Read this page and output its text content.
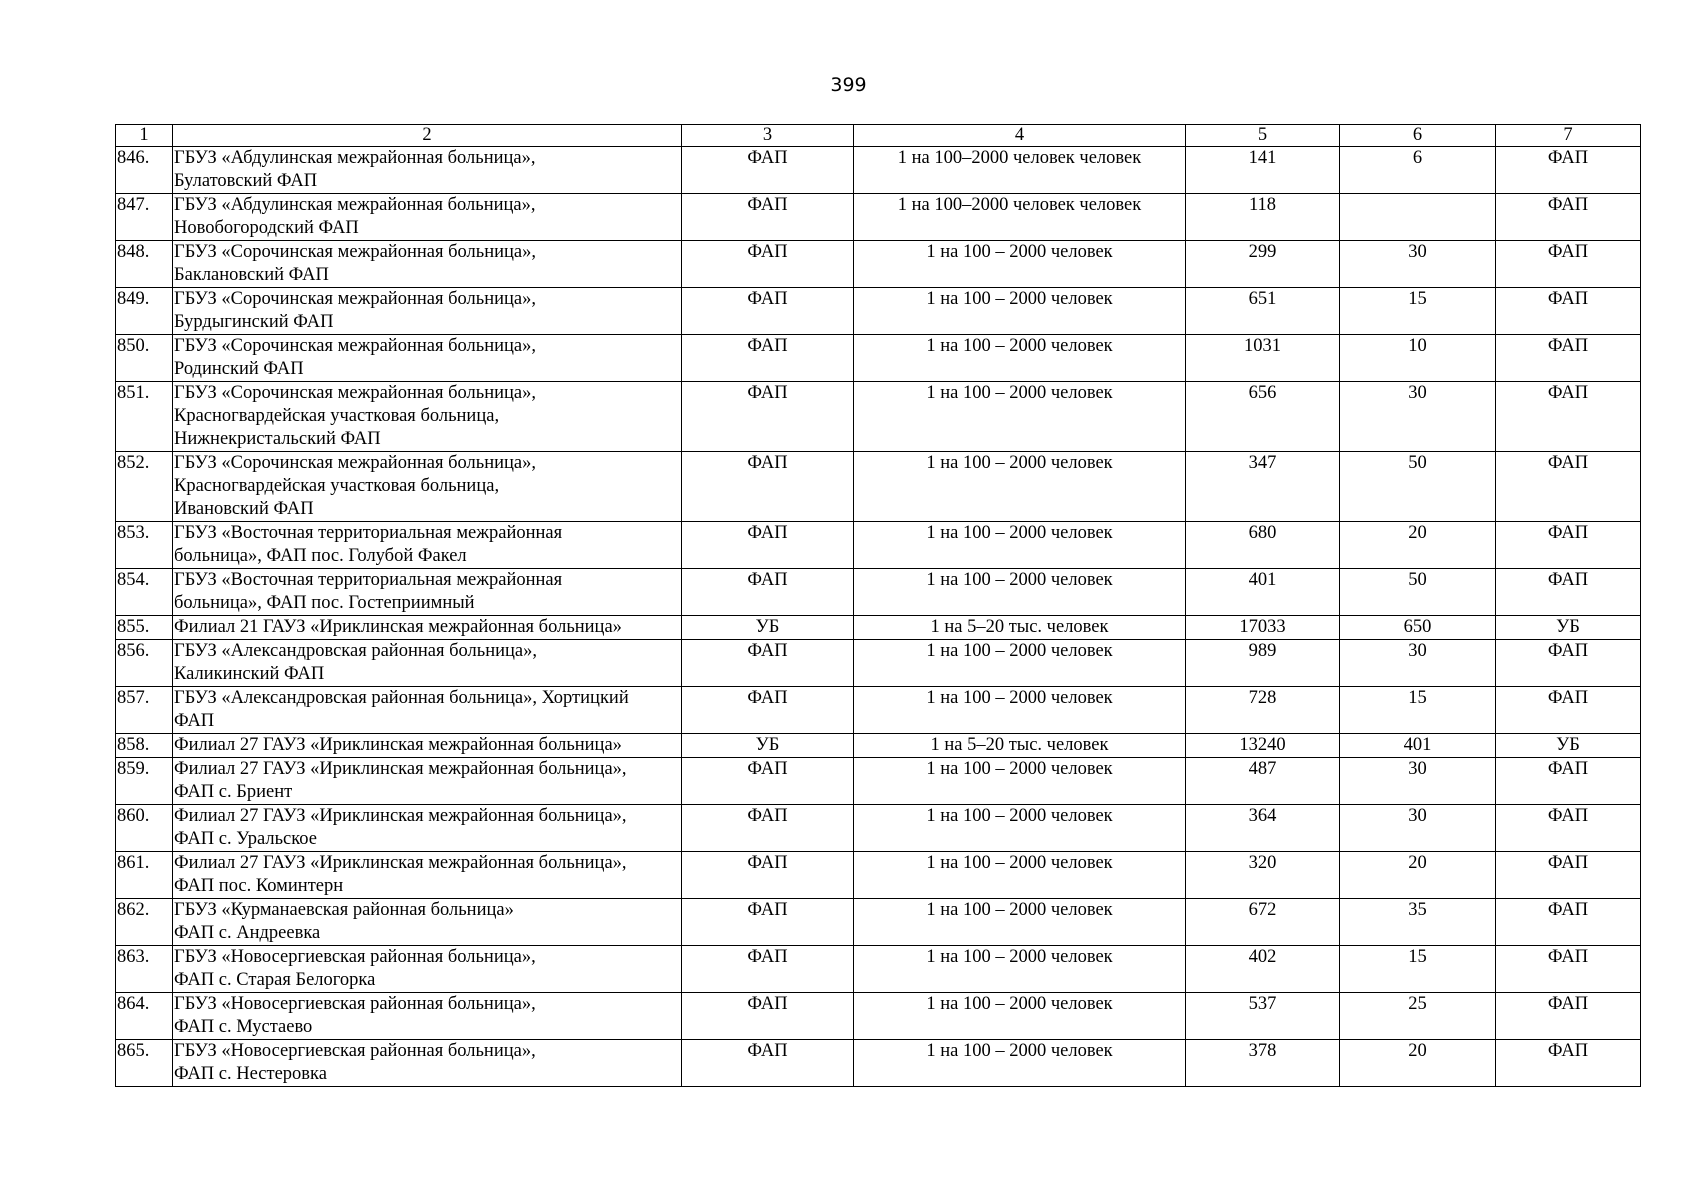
399
1	2	3	4	5	6	7
846.	ГБУЗ «Абдулинская межрайонная больница»,
Булатовский ФАП	ФАП	1 на 100–2000 человек человек	141	6	ФАП
847.	ГБУЗ «Абдулинская межрайонная больница»,
Новобогородский ФАП	ФАП	1 на 100–2000 человек человек	118		ФАП
848.	ГБУЗ «Сорочинская межрайонная больница»,
Баклановский ФАП	ФАП	1 на 100 – 2000 человек	299	30	ФАП
849.	ГБУЗ «Сорочинская межрайонная больница»,
Бурдыгинский ФАП	ФАП	1 на 100 – 2000 человек	651	15	ФАП
850.	ГБУЗ «Сорочинская межрайонная больница»,
Родинский ФАП	ФАП	1 на 100 – 2000 человек	1031	10	ФАП
851.	ГБУЗ «Сорочинская межрайонная больница»,
Красногвардейская участковая больница,
Нижнекристальский ФАП	ФАП	1 на 100 – 2000 человек	656	30	ФАП
852.	ГБУЗ «Сорочинская межрайонная больница»,
Красногвардейская участковая больница,
Ивановский ФАП	ФАП	1 на 100 – 2000 человек	347	50	ФАП
853.	ГБУЗ «Восточная территориальная межрайонная
больница», ФАП пос. Голубой Факел	ФАП	1 на 100 – 2000 человек	680	20	ФАП
854.	ГБУЗ «Восточная территориальная межрайонная
больница», ФАП пос. Гостеприимный	ФАП	1 на 100 – 2000 человек	401	50	ФАП
855.	Филиал 21 ГАУЗ «Ириклинская межрайонная больница»	УБ	1 на 5–20 тыс. человек	17033	650	УБ
856.	ГБУЗ «Александровская районная больница»,
Каликинский ФАП	ФАП	1 на 100 – 2000 человек	989	30	ФАП
857.	ГБУЗ «Александровская районная больница», Хортицкий
ФАП	ФАП	1 на 100 – 2000 человек	728	15	ФАП
858.	Филиал 27 ГАУЗ «Ириклинская межрайонная больница»	УБ	1 на 5–20 тыс. человек	13240	401	УБ
859.	Филиал 27 ГАУЗ «Ириклинская межрайонная больница»,
ФАП с. Бриент	ФАП	1 на 100 – 2000 человек	487	30	ФАП
860.	Филиал 27 ГАУЗ «Ириклинская межрайонная больница»,
ФАП с. Уральское	ФАП	1 на 100 – 2000 человек	364	30	ФАП
861.	Филиал 27 ГАУЗ «Ириклинская межрайонная больница»,
ФАП пос. Коминтерн	ФАП	1 на 100 – 2000 человек	320	20	ФАП
862.	ГБУЗ «Курманаевская районная больница»
ФАП с. Андреевка	ФАП	1 на 100 – 2000 человек	672	35	ФАП
863.	ГБУЗ «Новосергиевская районная больница»,
ФАП с. Старая Белогорка	ФАП	1 на 100 – 2000 человек	402	15	ФАП
864.	ГБУЗ «Новосергиевская районная больница»,
ФАП с. Мустаево	ФАП	1 на 100 – 2000 человек	537	25	ФАП
865.	ГБУЗ «Новосергиевская районная больница»,
ФАП с. Нестеровка	ФАП	1 на 100 – 2000 человек	378	20	ФАП
